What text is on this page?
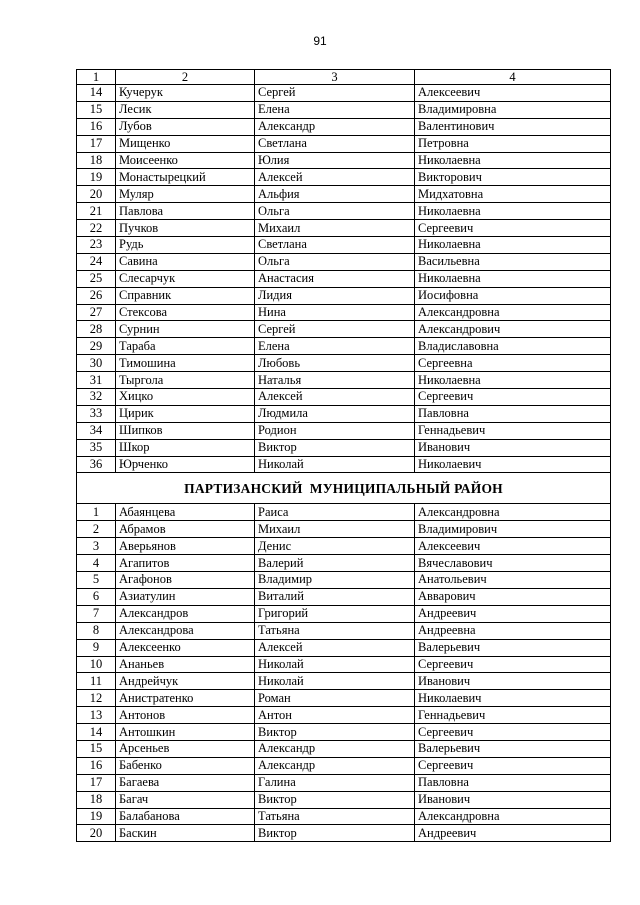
91
1	2	3	4
14	Кучерук	Сергей	Алексеевич
15	Лесик	Елена	Владимировна
16	Лубов	Александр	Валентинович
17	Мищенко	Светлана	Петровна
18	Моисеенко	Юлия	Николаевна
19	Монастырецкий	Алексей	Викторович
20	Муляр	Альфия	Мидхатовна
21	Павлова	Ольга	Николаевна
22	Пучков	Михаил	Сергеевич
23	Рудь	Светлана	Николаевна
24	Савина	Ольга	Васильевна
25	Слесарчук	Анастасия	Николаевна
26	Справник	Лидия	Иосифовна
27	Стексова	Нина	Александровна
28	Сурнин	Сергей	Александрович
29	Тараба	Елена	Владиславовна
30	Тимошина	Любовь	Сергеевна
31	Тыргола	Наталья	Николаевна
32	Хицко	Алексей	Сергеевич
33	Цирик	Людмила	Павловна
34	Шипков	Родион	Геннадьевич
35	Шкор	Виктор	Иванович
36	Юрченко	Николай	Николаевич
ПАРТИЗАНСКИЙ  МУНИЦИПАЛЬНЫЙ РАЙОН			
1	Абаянцева	Раиса	Александровна
2	Абрамов	Михаил	Владимирович
3	Аверьянов	Денис	Алексеевич
4	Агапитов	Валерий	Вячеславович
5	Агафонов	Владимир	Анатольевич
6	Азиатулин	Виталий	Авварович
7	Александров	Григорий	Андреевич
8	Александрова	Татьяна	Андреевна
9	Алексеенко	Алексей	Валерьевич
10	Ананьев	Николай	Сергеевич
11	Андрейчук	Николай	Иванович
12	Анистратенко	Роман	Николаевич
13	Антонов	Антон	Геннадьевич
14	Антошкин	Виктор	Сергеевич
15	Арсеньев	Александр	Валерьевич
16	Бабенко	Александр	Сергеевич
17	Багаева	Галина	Павловна
18	Багач	Виктор	Иванович
19	Балабанова	Татьяна	Александровна
20	Баскин	Виктор	Андреевич
